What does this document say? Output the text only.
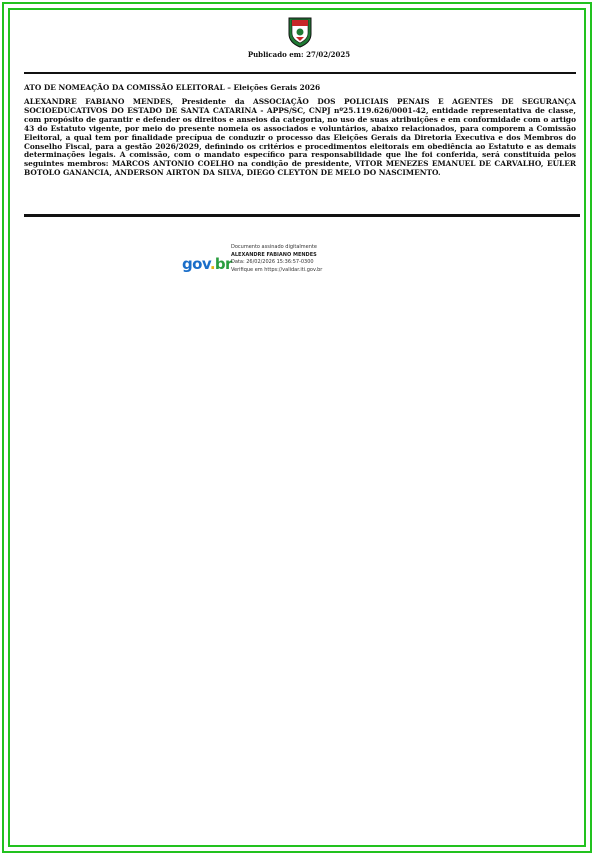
Publicado em: 27/02/2025
ATO DE NOMEAÇÃO DA COMISSÃO ELEITORAL – Eleições Gerais 2026
ALEXANDRE FABIANO MENDES, Presidente da ASSOCIAÇÃO DOS POLICIAIS PENAIS E AGENTES DE SEGURANÇA SOCIOEDUCATIVOS DO ESTADO DE SANTA CATARINA - APPS/SC, CNPJ nº25.119.626/0001-42, entidade representativa de classe, com propósito de garantir e defender os direitos e anseios da categoria, no uso de suas atribuições e em conformidade com o artigo 43 do Estatuto vigente, por meio do presente nomeia os associados e voluntários, abaixo relacionados, para comporem a Comissão Eleitoral, a qual tem por finalidade precípua de conduzir o processo das Eleições Gerais da Diretoria Executiva e dos Membros do Conselho Fiscal, para a gestão 2026/2029, definindo os critérios e procedimentos eleitorais em obediência ao Estatuto e as demais determinações legais. A comissão, com o mandato específico para responsabilidade que lhe foi conferida, será constituída pelos seguintes membros: MARCOS ANTONIO COELHO na condição de presidente, VITOR MENEZES EMANUEL DE CARVALHO, EULER BOTOLO GANANCIA, ANDERSON AIRTON DA SILVA, DIEGO CLEYTON DE MELO DO NASCIMENTO.
gov.br
Documento assinado digitalmente
ALEXANDRE FABIANO MENDES
Data: 26/02/2026 15:36:57-0300
Verifique em https://validar.iti.gov.br
